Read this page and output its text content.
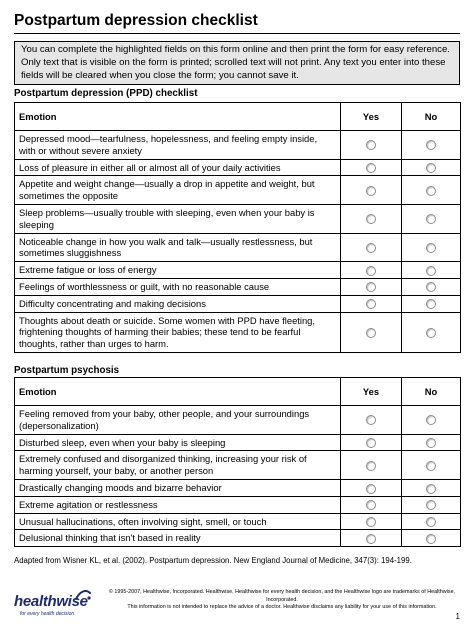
Postpartum depression checklist
You can complete the highlighted fields on this form online and then print the form for easy reference. Only text that is visible on the form is printed; scrolled text will not print. Any text you enter into these fields will be cleared when you close the form; you cannot save it.
Postpartum depression (PPD) checklist
Emotion	Yes	No
Depressed mood—tearfulness, hopelessness, and feeling empty inside, with or without severe anxiety		
Loss of pleasure in either all or almost all of your daily activities		
Appetite and weight change—usually a drop in appetite and weight, but sometimes the opposite		
Sleep problems—usually trouble with sleeping, even when your baby is sleeping		
Noticeable change in how you walk and talk—usually restlessness, but sometimes sluggishness		
Extreme fatigue or loss of energy		
Feelings of worthlessness or guilt, with no reasonable cause		
Difficulty concentrating and making decisions		
Thoughts about death or suicide. Some women with PPD have fleeting, frightening thoughts of harming their babies; these tend to be fearful thoughts, rather than urges to harm.		
Postpartum psychosis
Emotion	Yes	No
Feeling removed from your baby, other people, and your surroundings (depersonalization)		
Disturbed sleep, even when your baby is sleeping		
Extremely confused and disorganized thinking, increasing your risk of harming yourself, your baby, or another person		
Drastically changing moods and bizarre behavior		
Extreme agitation or restlessness		
Unusual hallucinations, often involving sight, smell, or touch		
Delusional thinking that isn't based in reality		
Adapted from Wisner KL, et al. (2002). Postpartum depression. New England Journal of Medicine, 347(3): 194-199.
healthwise
for every health decision
© 1995-2007, Healthwise, Incorporated. Healthwise, Healthwise for every health decision, and the Healthwise logo are trademarks of Healthwise, Incorporated.
This information is not intended to replace the advice of a doctor. Healthwise disclaims any liability for your use of this information.
1
